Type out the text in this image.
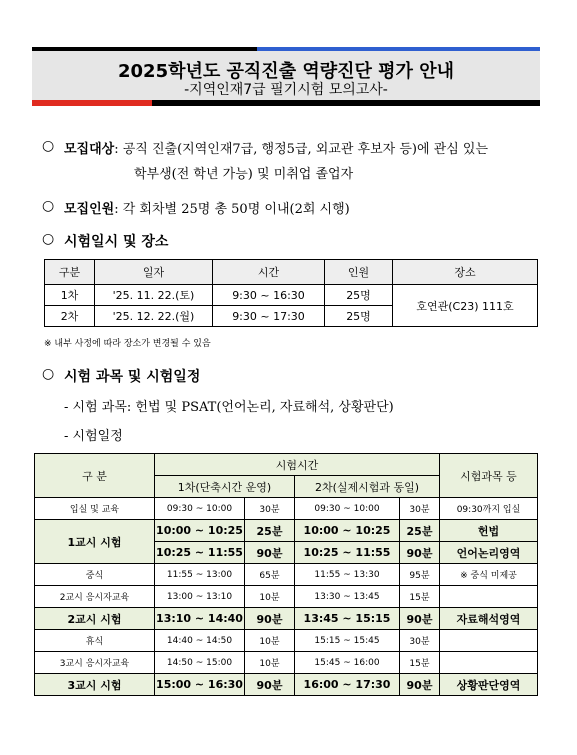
2025학년도 공직진출 역량진단 평가 안내
-지역인재7급 필기시험 모의고사-
○ 모집대상: 공직 진출(지역인재7급, 행정5급, 외교관 후보자 등)에 관심 있는
학부생(전 학년 가능) 및 미취업 졸업자
○ 모집인원: 각 회차별 25명 총 50명 이내(2회 시행)
○ 시험일시 및 장소
구분	일자	시간	인원	장소
1차	'25. 11. 22.(토)	9:30 ~ 16:30	25명	호연관(C23) 111호
2차	'25. 12. 22.(월)	9:30 ~ 17:30	25명	
※ 내부 사정에 따라 장소가 변경될 수 있음
○ 시험 과목 및 시험일정
- 시험 과목: 헌법 및 PSAT(언어논리, 자료해석, 상황판단)
- 시험일정
구 분	시험시간				시험과목 등
	1차(단축시간 운영)		2차(실제시험과 동일)		
입실 및 교육	09:30 ~ 10:00	30분	09:30 ~ 10:00	30분	09:30까지 입실
1교시 시험	10:00 ~ 10:25	25분	10:00 ~ 10:25	25분	헌법
	10:25 ~ 11:55	90분	10:25 ~ 11:55	90분	언어논리영역
중식	11:55 ~ 13:00	65분	11:55 ~ 13:30	95분	※ 중식 미제공
2교시 응시자교육	13:00 ~ 13:10	10분	13:30 ~ 13:45	15분	
2교시 시험	13:10 ~ 14:40	90분	13:45 ~ 15:15	90분	자료해석영역
휴식	14:40 ~ 14:50	10분	15:15 ~ 15:45	30분	
3교시 응시자교육	14:50 ~ 15:00	10분	15:45 ~ 16:00	15분	
3교시 시험	15:00 ~ 16:30	90분	16:00 ~ 17:30	90분	상황판단영역
